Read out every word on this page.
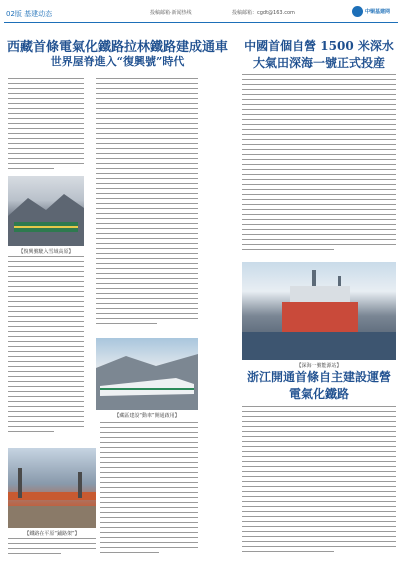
02版 基建动态	投稿邮箱·新闻热线	投稿邮箱：cgdt@163.com	中铜基建网
西藏首條電氣化鐵路拉林鐵路建成通車
世界屋脊進入“復興號”時代
中國首個自營 1500 米深水
大氣田深海一號正式投産
浙江開通首條自主建設運營
電氣化鐵路
【復興號駛入雪域高原】
【藏區建設“動車”開通啟用】
【鐵路在平原“鋪路架”】
【深海一號能源站】
